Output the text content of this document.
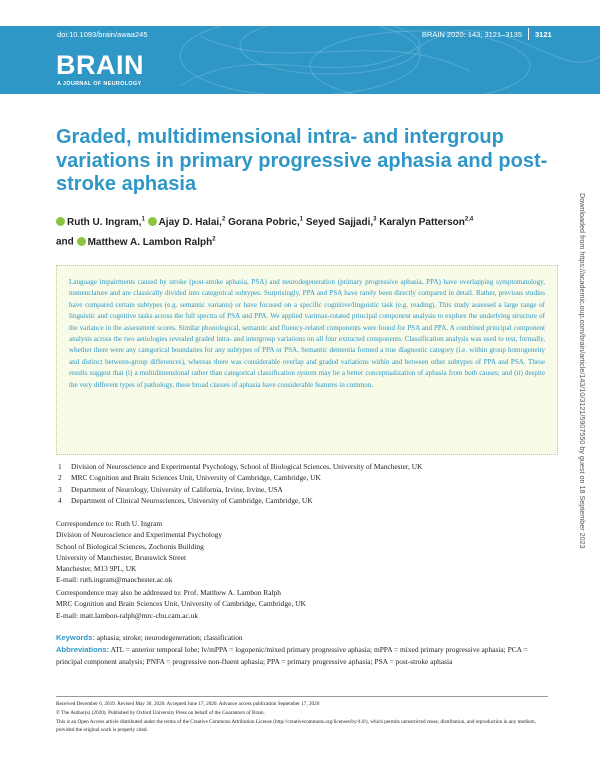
doi:10.1093/brain/awaa245	BRAIN 2020: 143; 3121–3135 3121
BRAIN
A JOURNAL OF NEUROLOGY
Graded, multidimensional intra- and intergroup variations in primary progressive aphasia and post-stroke aphasia
Ruth U. Ingram,$^1$ Ajay D. Halai,$^2$ Gorana Pobric,$^1$ Seyed Sajjadi,$^3$ Karalyn Patterson$^{2,4}$
and Matthew A. Lambon Ralph$^2$
Language impairments caused by stroke (post-stroke aphasia, PSA) and neurodegeneration (primary progressive aphasia, PPA) have overlapping symptomatology, nomenclature and are classically divided into categorical subtypes. Surprisingly, PPA and PSA have rarely been directly compared in detail. Rather, previous studies have compared certain subtypes (e.g. semantic variants) or have focused on a specific cognitive/linguistic task (e.g. reading). This study assessed a large range of linguistic and cognitive tasks across the full spectra of PSA and PPA. We applied varimax-rotated principal component analysis to explore the underlying structure of the variance in the assessment scores. Similar phonological, semantic and fluency-related components were found for PSA and PPA. A combined principal component analysis across the two aetiologies revealed graded intra- and intergroup variations on all four extracted components. Classification analysis was used to test, formally, whether there were any categorical boundaries for any subtypes of PPA or PSA. Semantic dementia formed a true diagnostic category (i.e. within group homogeneity and distinct between-group differences), whereas there was considerable overlap and graded variations within and between other subtypes of PPA and PSA. These results suggest that (i) a multidimensional rather than categorical classification system may be a better conceptualization of aphasia from both causes; and (ii) despite the very different types of pathology, these broad classes of aphasia have considerable features in common.
1 Division of Neuroscience and Experimental Psychology, School of Biological Sciences, University of Manchester, UK
2 MRC Cognition and Brain Sciences Unit, University of Cambridge, Cambridge, UK
3 Department of Neurology, University of California, Irvine, Irvine, USA
4 Department of Clinical Neurosciences, University of Cambridge, Cambridge, UK
Correspondence to: Ruth U. Ingram
Division of Neuroscience and Experimental Psychology
School of Biological Sciences, Zochonis Building
University of Manchester, Brunswick Street
Manchester, M13 9PL, UK
E-mail: ruth.ingram@manchester.ac.uk
Correspondence may also be addressed to: Prof. Matthew A. Lambon Ralph
MRC Cognition and Brain Sciences Unit, University of Cambridge, Cambridge, UK
E-mail: matt.lambon-ralph@mrc-cbu.cam.ac.uk
Keywords: aphasia; stroke; neurodegeneration; classification
Abbreviations: ATL = anterior temporal lobe; lv/mPPA = logopenic/mixed primary progressive aphasia; mPPA = mixed primary progressive aphasia; PCA = principal component analysis; PNFA = progressive non-fluent aphasia; PPA = primary progressive aphasia; PSA = post-stroke aphasia
Received December 6, 2019. Revised May 30, 2020. Accepted June 17, 2020. Advance access publication September 17, 2020
© The Author(s) (2020). Published by Oxford University Press on behalf of the Guarantors of Brain.
This is an Open Access article distributed under the terms of the Creative Commons Attribution License (http://creativecommons.org/licenses/by/4.0/), which permits unrestricted reuse, distribution, and reproduction in any medium, provided the original work is properly cited.
Downloaded from https://academic.oup.com/brain/article/143/10/3121/5907550 by guest on 18 September 2023
